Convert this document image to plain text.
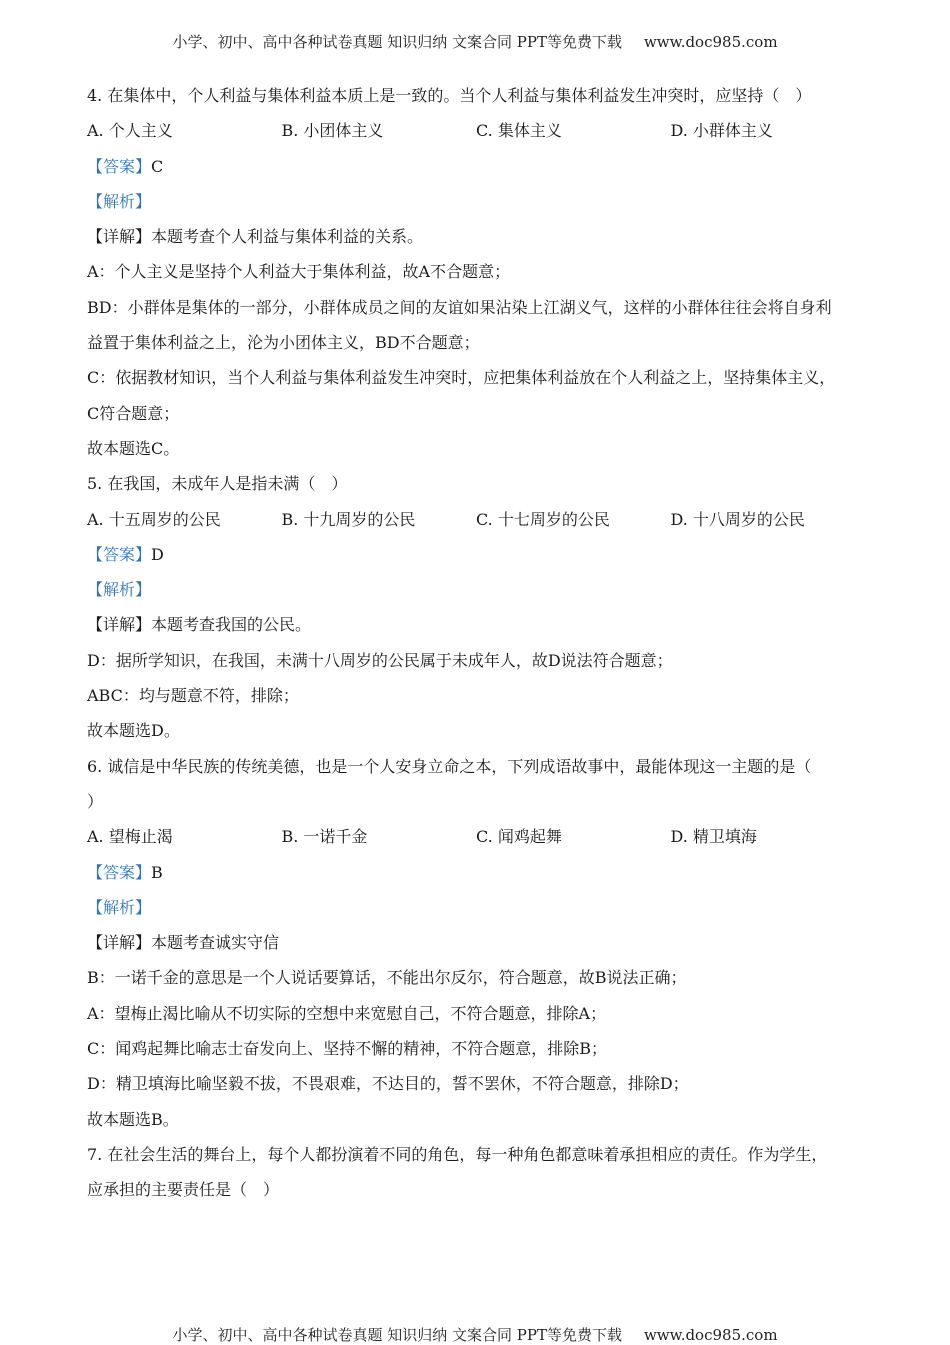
小学、初中、高中各种试卷真题 知识归纳 文案合同 PPT等免费下载 www.doc985.com
4. 在集体中，个人利益与集体利益本质上是一致的。当个人利益与集体利益发生冲突时，应坚持（　）
A. 个人主义	B. 小团体主义	C. 集体主义	D. 小群体主义
【答案】C
【解析】
【详解】本题考查个人利益与集体利益的关系。
A：个人主义是坚持个人利益大于集体利益，故A不合题意；
BD：小群体是集体的一部分，小群体成员之间的友谊如果沾染上江湖义气，这样的小群体往往会将自身利
益置于集体利益之上，沦为小团体主义，BD不合题意；
C：依据教材知识，当个人利益与集体利益发生冲突时，应把集体利益放在个人利益之上，坚持集体主义，
C符合题意；
故本题选C。
5. 在我国，未成年人是指未满（　）
A. 十五周岁的公民	B. 十九周岁的公民	C. 十七周岁的公民	D. 十八周岁的公民
【答案】D
【解析】
【详解】本题考查我国的公民。
D：据所学知识，在我国，未满十八周岁的公民属于未成年人，故D说法符合题意；
ABC：均与题意不符，排除；
故本题选D。
6. 诚信是中华民族的传统美德，也是一个人安身立命之本，下列成语故事中，最能体现这一主题的是（
）
A. 望梅止渴	B. 一诺千金	C. 闻鸡起舞	D. 精卫填海
【答案】B
【解析】
【详解】本题考查诚实守信
B：一诺千金的意思是一个人说话要算话，不能出尔反尔，符合题意，故B说法正确；
A：望梅止渴比喻从不切实际的空想中来宽慰自己，不符合题意，排除A；
C：闻鸡起舞比喻志士奋发向上、坚持不懈的精神，不符合题意，排除B；
D：精卫填海比喻坚毅不拔，不畏艰难，不达目的，誓不罢休，不符合题意，排除D；
故本题选B。
7. 在社会生活的舞台上，每个人都扮演着不同的角色，每一种角色都意味着承担相应的责任。作为学生，
应承担的主要责任是（　）
小学、初中、高中各种试卷真题 知识归纳 文案合同 PPT等免费下载 www.doc985.com
